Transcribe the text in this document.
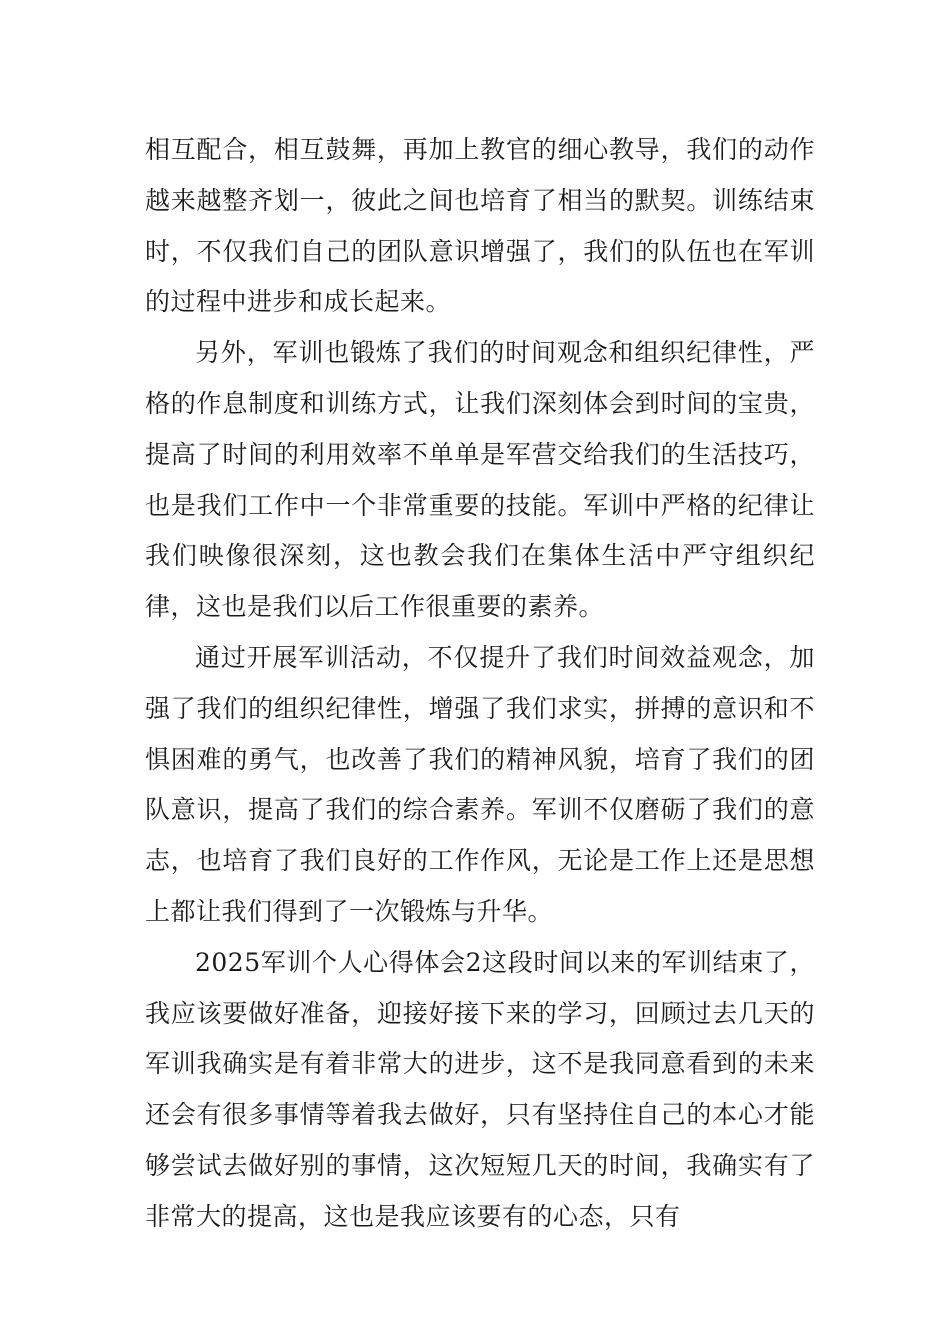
相互配合，相互鼓舞，再加上教官的细心教导，我们的动作越来越整齐划一，彼此之间也培育了相当的默契。训练结束时，不仅我们自己的团队意识增强了，我们的队伍也在军训的过程中进步和成长起来。

另外，军训也锻炼了我们的时间观念和组织纪律性，严格的作息制度和训练方式，让我们深刻体会到时间的宝贵，提高了时间的利用效率不单单是军营交给我们的生活技巧，也是我们工作中一个非常重要的技能。军训中严格的纪律让我们映像很深刻，这也教会我们在集体生活中严守组织纪律，这也是我们以后工作很重要的素养。

通过开展军训活动，不仅提升了我们时间效益观念，加强了我们的组织纪律性，增强了我们求实，拼搏的意识和不惧困难的勇气，也改善了我们的精神风貌，培育了我们的团队意识，提高了我们的综合素养。军训不仅磨砺了我们的意志，也培育了我们良好的工作作风，无论是工作上还是思想上都让我们得到了一次锻炼与升华。

2025军训个人心得体会2这段时间以来的军训结束了，我应该要做好准备，迎接好接下来的学习，回顾过去几天的军训我确实是有着非常大的进步，这不是我同意看到的未来还会有很多事情等着我去做好，只有坚持住自己的本心才能够尝试去做好别的事情，这次短短几天的时间，我确实有了非常大的提高，这也是我应该要有的心态，只有
